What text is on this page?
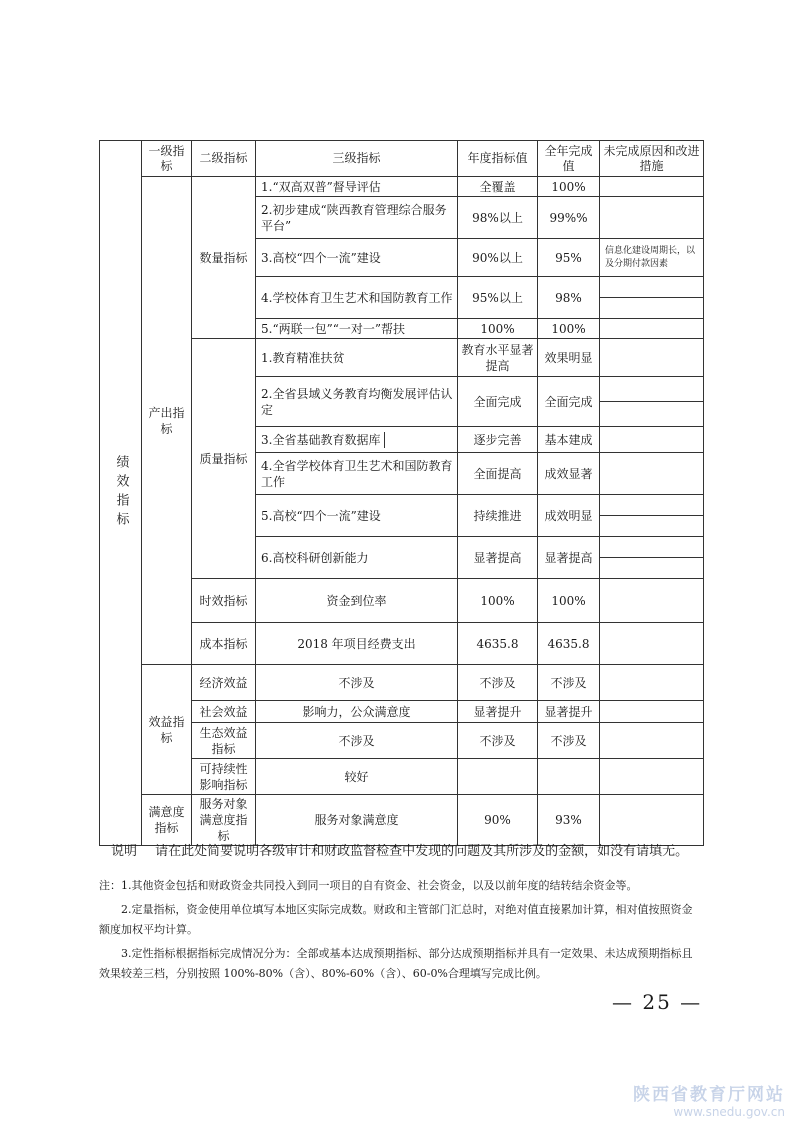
绩效指标	一级指标	二级指标	三级指标	年度指标值	全年完成值	未完成原因和改进措施
产出指标	数量指标	1.“双高双普”督导评估	全覆盖	100%	
2.初步建成“陕西教育管理综合服务平台”	98%以上	99%%	
3.高校“四个一流”建设	90%以上	95%	信息化建设周期长，以及分期付款因素
4.学校体育卫生艺术和国防教育工作	95%以上	98%	

5.“两联一包”“一对一”帮扶	100%	100%	
质量指标	1.教育精准扶贫	教育水平显著提高	效果明显	
2.全省县域义务教育均衡发展评估认定	全面完成	全面完成	

3.全省基础教育数据库	逐步完善	基本建成	
4.全省学校体育卫生艺术和国防教育工作	全面提高	成效显著	
5.高校“四个一流”建设	持续推进	成效明显	

6.高校科研创新能力	显著提高	显著提高	

时效指标	资金到位率	100%	100%	
成本指标	2018 年项目经费支出	4635.8	4635.8	
效益指标	经济效益	不涉及	不涉及	不涉及	
社会效益	影响力，公众满意度	显著提升	显著提升	
生态效益指标	不涉及	不涉及	不涉及	
可持续性影响指标	较好			
满意度指标	服务对象满意度指标	服务对象满意度	90%	93%	
说明 请在此处简要说明各级审计和财政监督检查中发现的问题及其所涉及的金额，如没有请填无。

注：1.其他资金包括和财政资金共同投入到同一项目的自有资金、社会资金，以及以前年度的结转结余资金等。

2.定量指标，资金使用单位填写本地区实际完成数。财政和主管部门汇总时，对绝对值直接累加计算，相对值按照资金额度加权平均计算。

3.定性指标根据指标完成情况分为：全部或基本达成预期指标、部分达成预期指标并具有一定效果、未达成预期指标且效果较差三档，分别按照 100%-80%（含）、80%-60%（含）、60-0%合理填写完成比例。

— 25 —
陕西省教育厅网站
www.snedu.gov.cn
